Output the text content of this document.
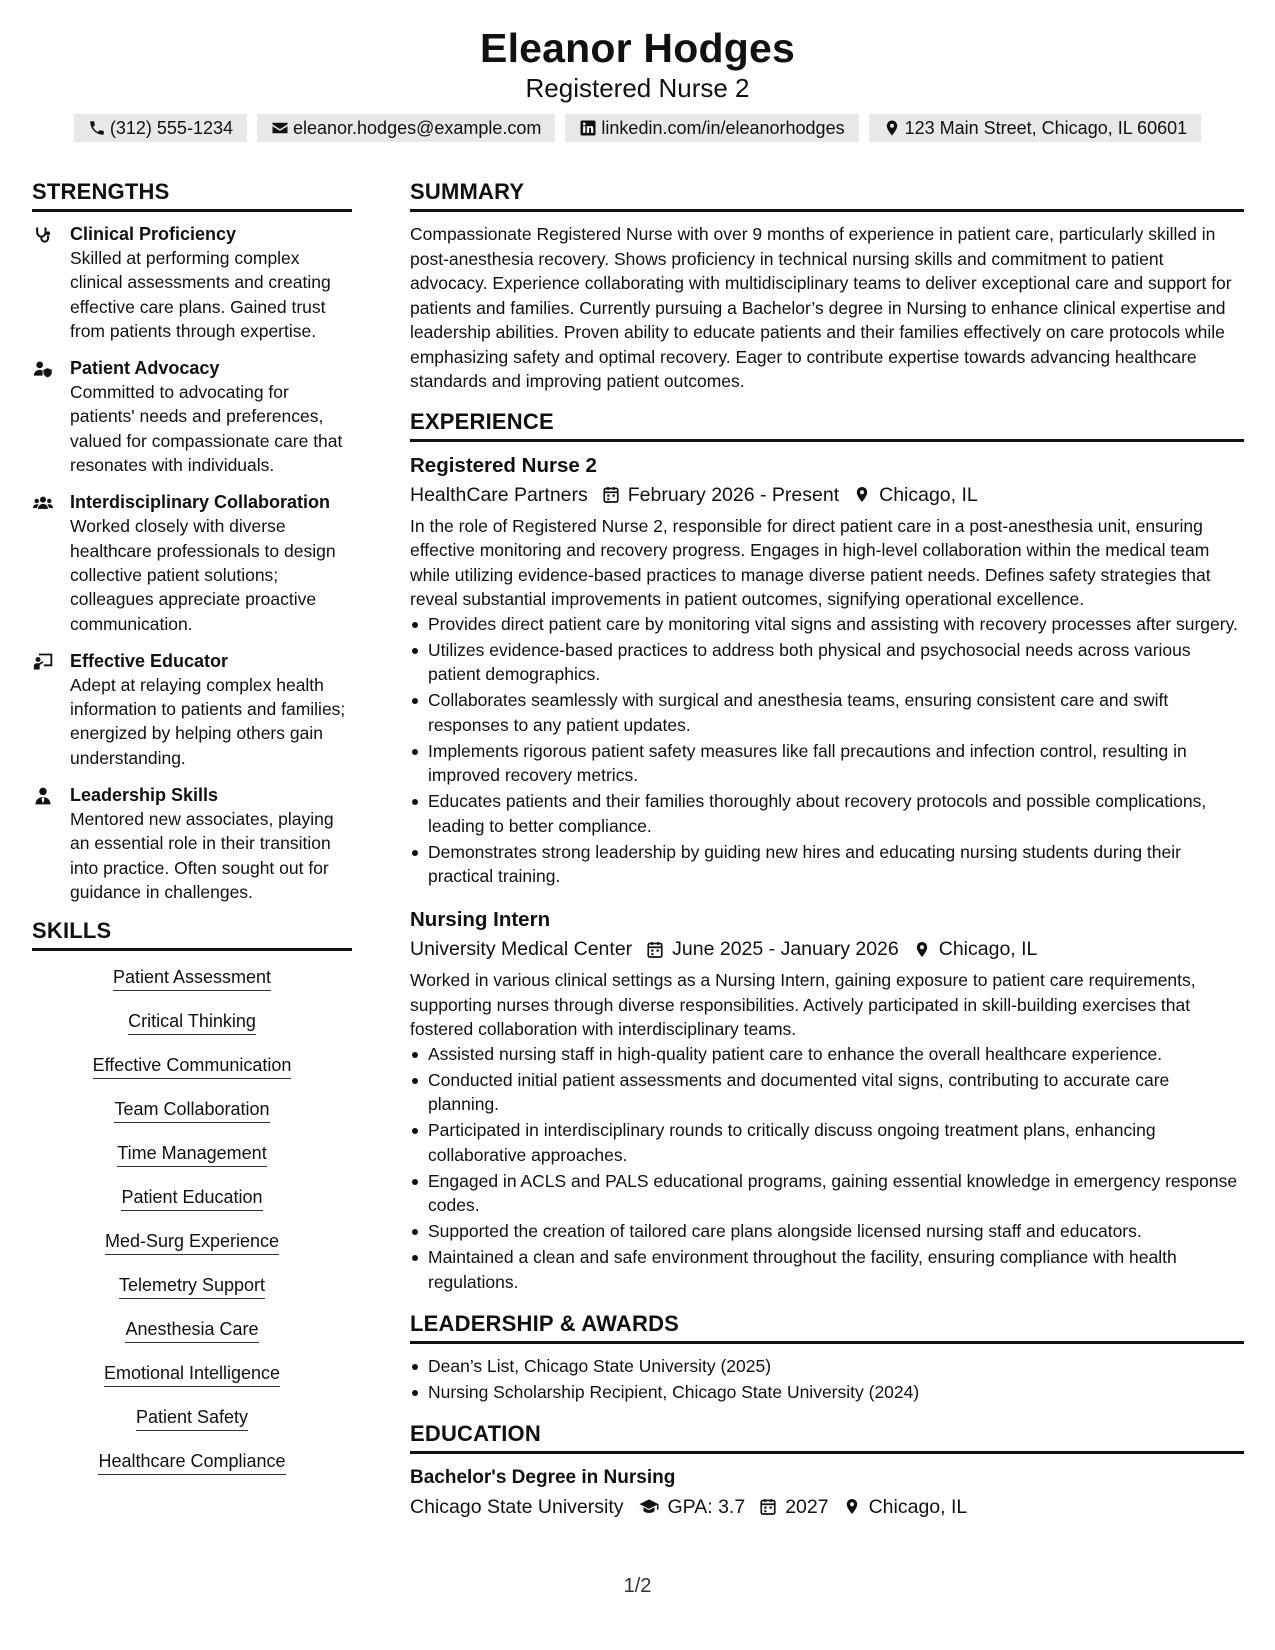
Eleanor Hodges
Registered Nurse 2
(312) 555-1234	eleanor.hodges@example.com	linkedin.com/in/eleanorhodges	123 Main Street, Chicago, IL 60601
STRENGTHS
Clinical Proficiency
Skilled at performing complex clinical assessments and creating effective care plans. Gained trust from patients through expertise.
Patient Advocacy
Committed to advocating for patients' needs and preferences, valued for compassionate care that resonates with individuals.
Interdisciplinary Collaboration
Worked closely with diverse healthcare professionals to design collective patient solutions; colleagues appreciate proactive communication.
Effective Educator
Adept at relaying complex health information to patients and families; energized by helping others gain understanding.
Leadership Skills
Mentored new associates, playing an essential role in their transition into practice. Often sought out for guidance in challenges.
SKILLS
Patient Assessment
Critical Thinking
Effective Communication
Team Collaboration
Time Management
Patient Education
Med-Surg Experience
Telemetry Support
Anesthesia Care
Emotional Intelligence
Patient Safety
Healthcare Compliance
SUMMARY

Compassionate Registered Nurse with over 9 months of experience in patient care, particularly skilled in post-anesthesia recovery. Shows proficiency in technical nursing skills and commitment to patient advocacy. Experience collaborating with multidisciplinary teams to deliver exceptional care and support for patients and families. Currently pursuing a Bachelor’s degree in Nursing to enhance clinical expertise and leadership abilities. Proven ability to educate patients and their families effectively on care protocols while emphasizing safety and optimal recovery. Eager to contribute expertise towards advancing healthcare standards and improving patient outcomes.

EXPERIENCE
Registered Nurse 2
HealthCare Partners February 2026 - Present Chicago, IL

In the role of Registered Nurse 2, responsible for direct patient care in a post-anesthesia unit, ensuring effective monitoring and recovery progress. Engages in high-level collaboration within the medical team while utilizing evidence-based practices to manage diverse patient needs. Defines safety strategies that reveal substantial improvements in patient outcomes, signifying operational excellence.

Provides direct patient care by monitoring vital signs and assisting with recovery processes after surgery.
Utilizes evidence-based practices to address both physical and psychosocial needs across various patient demographics.
Collaborates seamlessly with surgical and anesthesia teams, ensuring consistent care and swift responses to any patient updates.
Implements rigorous patient safety measures like fall precautions and infection control, resulting in improved recovery metrics.
Educates patients and their families thoroughly about recovery protocols and possible complications, leading to better compliance.
Demonstrates strong leadership by guiding new hires and educating nursing students during their practical training.
Nursing Intern
University Medical Center June 2025 - January 2026 Chicago, IL

Worked in various clinical settings as a Nursing Intern, gaining exposure to patient care requirements, supporting nurses through diverse responsibilities. Actively participated in skill-building exercises that fostered collaboration with interdisciplinary teams.

Assisted nursing staff in high-quality patient care to enhance the overall healthcare experience.
Conducted initial patient assessments and documented vital signs, contributing to accurate care planning.
Participated in interdisciplinary rounds to critically discuss ongoing treatment plans, enhancing collaborative approaches.
Engaged in ACLS and PALS educational programs, gaining essential knowledge in emergency response codes.
Supported the creation of tailored care plans alongside licensed nursing staff and educators.
Maintained a clean and safe environment throughout the facility, ensuring compliance with health regulations.
LEADERSHIP & AWARDS
Dean’s List, Chicago State University (2025)
Nursing Scholarship Recipient, Chicago State University (2024)
EDUCATION
Bachelor's Degree in Nursing
Chicago State University GPA: 3.7 2027 Chicago, IL
1/2
